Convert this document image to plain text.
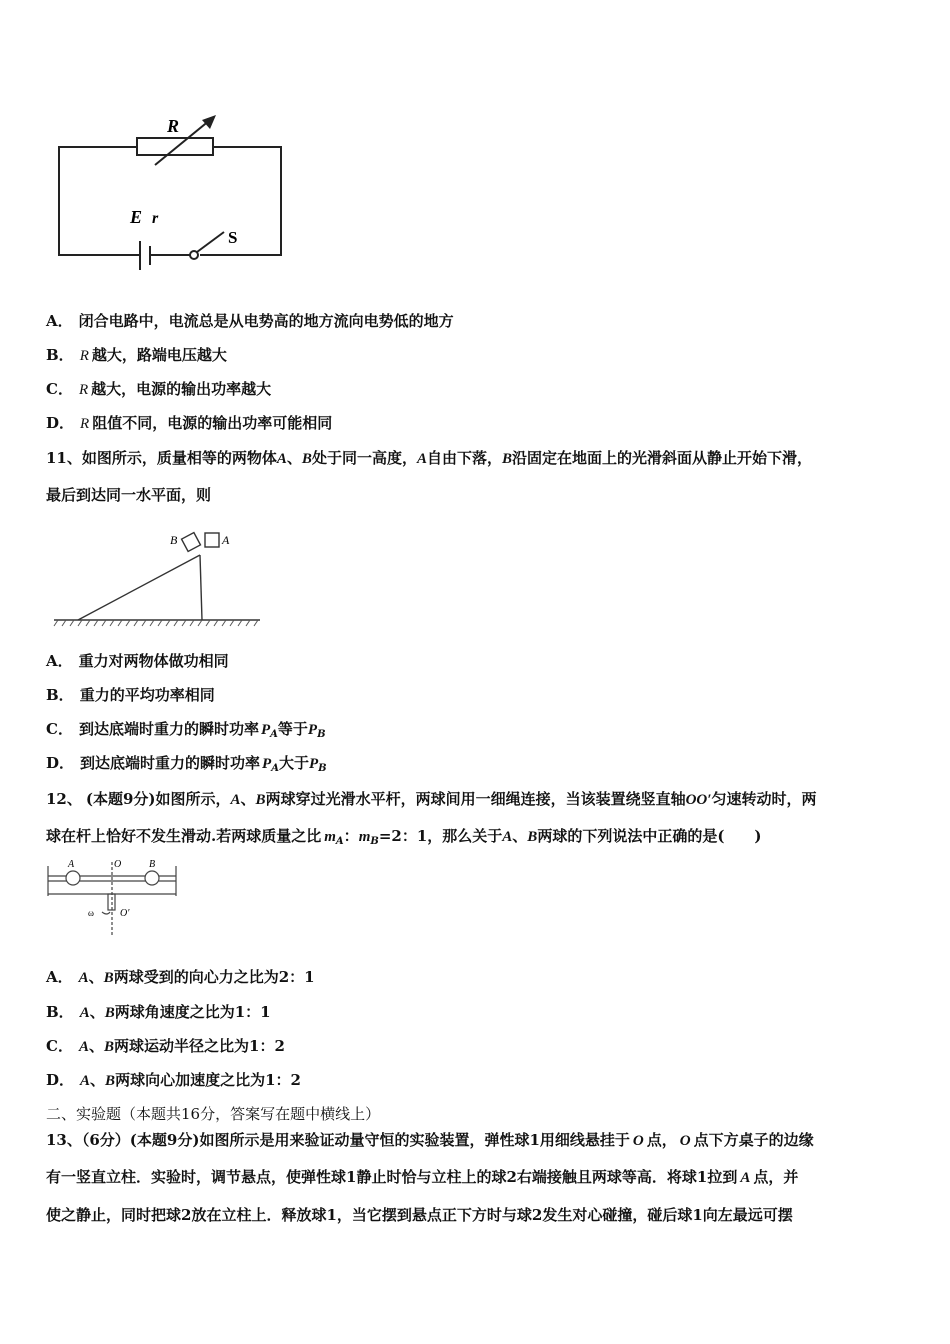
R
E r
S
A． 闭合电路中，电流总是从电势高的地方流向电势低的地方
B． R 越大，路端电压越大
C． R 越大，电源的输出功率越大
D． R 阻值不同，电源的输出功率可能相同
11、如图所示，质量相等的两物体A、B处于同一高度，A自由下落，B沿固定在地面上的光滑斜面从静止开始下滑，
最后到达同一水平面，则
B	A
A． 重力对两物体做功相同
B． 重力的平均功率相同
C． 到达底端时重力的瞬时功率 $P_A$等于$P_B$
D． 到达底端时重力的瞬时功率 $P_A$大于$P_B$
12、 (本题9分)如图所示，A、B两球穿过光滑水平杆，两球间用一细绳连接，当该装置绕竖直轴OO′匀速转动时，两
球在杆上恰好不发生滑动.若两球质量之比 $m_A$：$m_B=2$：1，那么关于A、B两球的下列说法中正确的是(　　)
A	O	B
ω	O′
A． A、B两球受到的向心力之比为2：1
B． A、B两球角速度之比为1：1
C． A、B两球运动半径之比为1：2
D． A、B两球向心加速度之比为1：2
二、实验题（本题共16分，答案写在题中横线上）
13、（6分）(本题9分)如图所示是用来验证动量守恒的实验装置，弹性球1用细线悬挂于 O 点， O 点下方桌子的边缘
有一竖直立柱．实验时，调节悬点，使弹性球1静止时恰与立柱上的球2右端接触且两球等高．将球1拉到 A 点，并
使之静止，同时把球2放在立柱上．释放球1，当它摆到悬点正下方时与球2发生对心碰撞，碰后球1向左最远可摆
